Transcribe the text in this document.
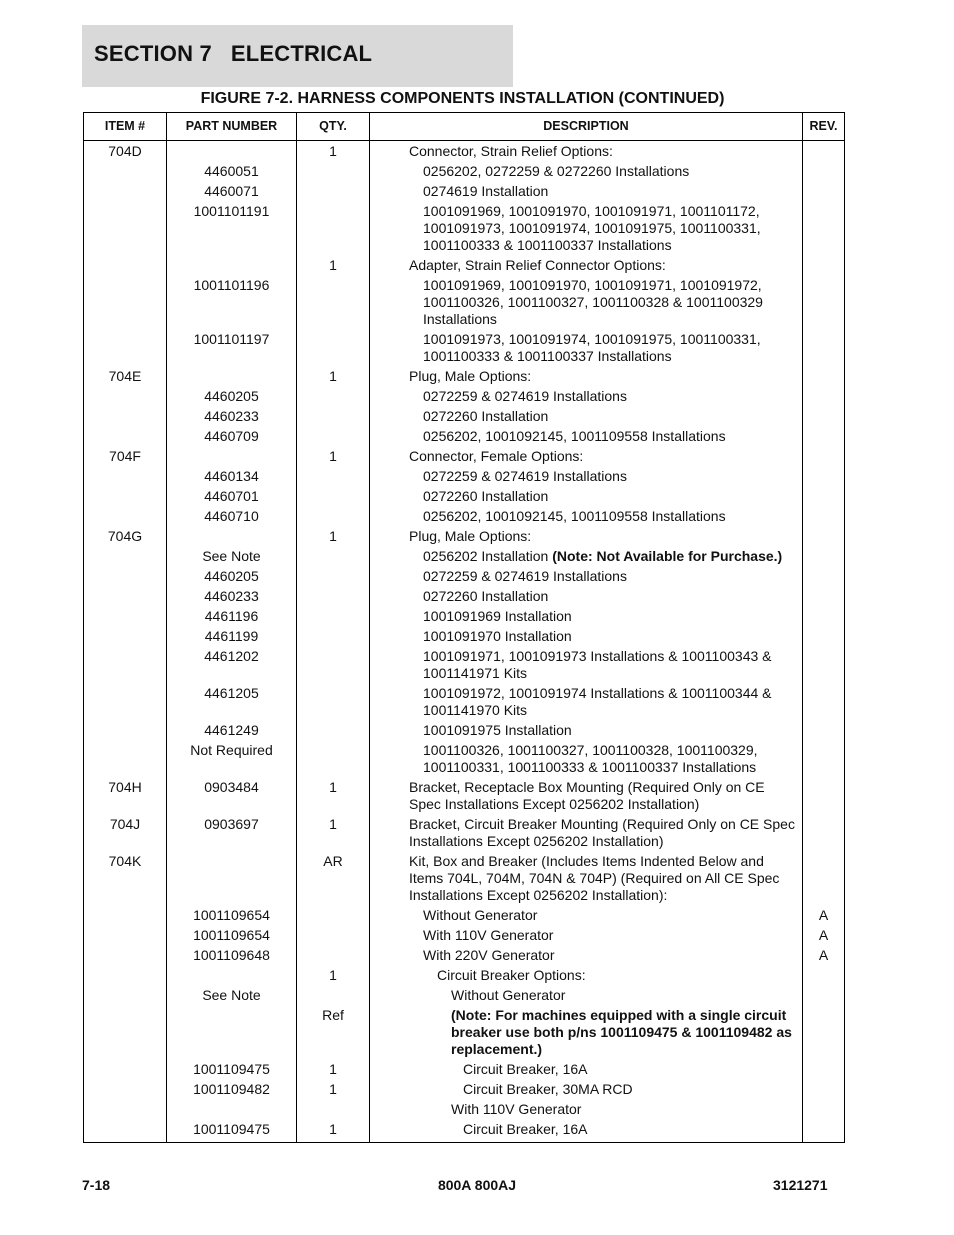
SECTION 7   ELECTRICAL
FIGURE 7-2. HARNESS COMPONENTS INSTALLATION (CONTINUED)
ITEM #	PART NUMBER	QTY.	DESCRIPTION	REV.
704D		1	Connector, Strain Relief Options:	

	4460051		0256202, 0272259 & 0272260 Installations	

	4460071		0274619 Installation	

	1001101191		1001091969, 1001091970, 1001091971, 1001101172, 1001091973, 1001091974, 1001091975, 1001100331, 1001100333 & 1001100337 Installations	

		1	Adapter, Strain Relief Connector Options:	

	1001101196		1001091969, 1001091970, 1001091971, 1001091972, 1001100326, 1001100327, 1001100328 & 1001100329 Installations	

	1001101197		1001091973, 1001091974, 1001091975, 1001100331, 1001100333 & 1001100337 Installations	

704E		1	Plug, Male Options:	

	4460205		0272259 & 0274619 Installations	

	4460233		0272260 Installation	

	4460709		0256202, 1001092145, 1001109558 Installations	

704F		1	Connector, Female Options:	

	4460134		0272259 & 0274619 Installations	

	4460701		0272260 Installation	

	4460710		0256202, 1001092145, 1001109558 Installations	

704G		1	Plug, Male Options:	

	See Note		0256202 Installation (Note: Not Available for Purchase.)	

	4460205		0272259 & 0274619 Installations	

	4460233		0272260 Installation	

	4461196		1001091969 Installation	

	4461199		1001091970 Installation	

	4461202		1001091971, 1001091973 Installations & 1001100343 & 1001141971 Kits	

	4461205		1001091972, 1001091974 Installations & 1001100344 & 1001141970 Kits	

	4461249		1001091975 Installation	

	Not Required		1001100326, 1001100327, 1001100328, 1001100329, 1001100331, 1001100333 & 1001100337 Installations	

704H	0903484	1	Bracket, Receptacle Box Mounting (Required Only on CE Spec Installations Except 0256202 Installation)	

704J	0903697	1	Bracket, Circuit Breaker Mounting (Required Only on CE Spec Installations Except 0256202 Installation)	

704K		AR	Kit, Box and Breaker (Includes Items Indented Below and Items 704L, 704M, 704N & 704P) (Required on All CE Spec Installations Except 0256202 Installation):	

	1001109654		Without Generator	A
	1001109654		With 110V Generator	A
	1001109648		With 220V Generator	A
		1	Circuit Breaker Options:	

	See Note		Without Generator	

		Ref	(Note: For machines equipped with a single circuit breaker use both p/ns 1001109475 & 1001109482 as replacement.)	

	1001109475	1	Circuit Breaker, 16A	

	1001109482	1	Circuit Breaker, 30MA RCD	

			With 110V Generator	

	1001109475	1	Circuit Breaker, 16A	

7-18	800A 800AJ	3121271
